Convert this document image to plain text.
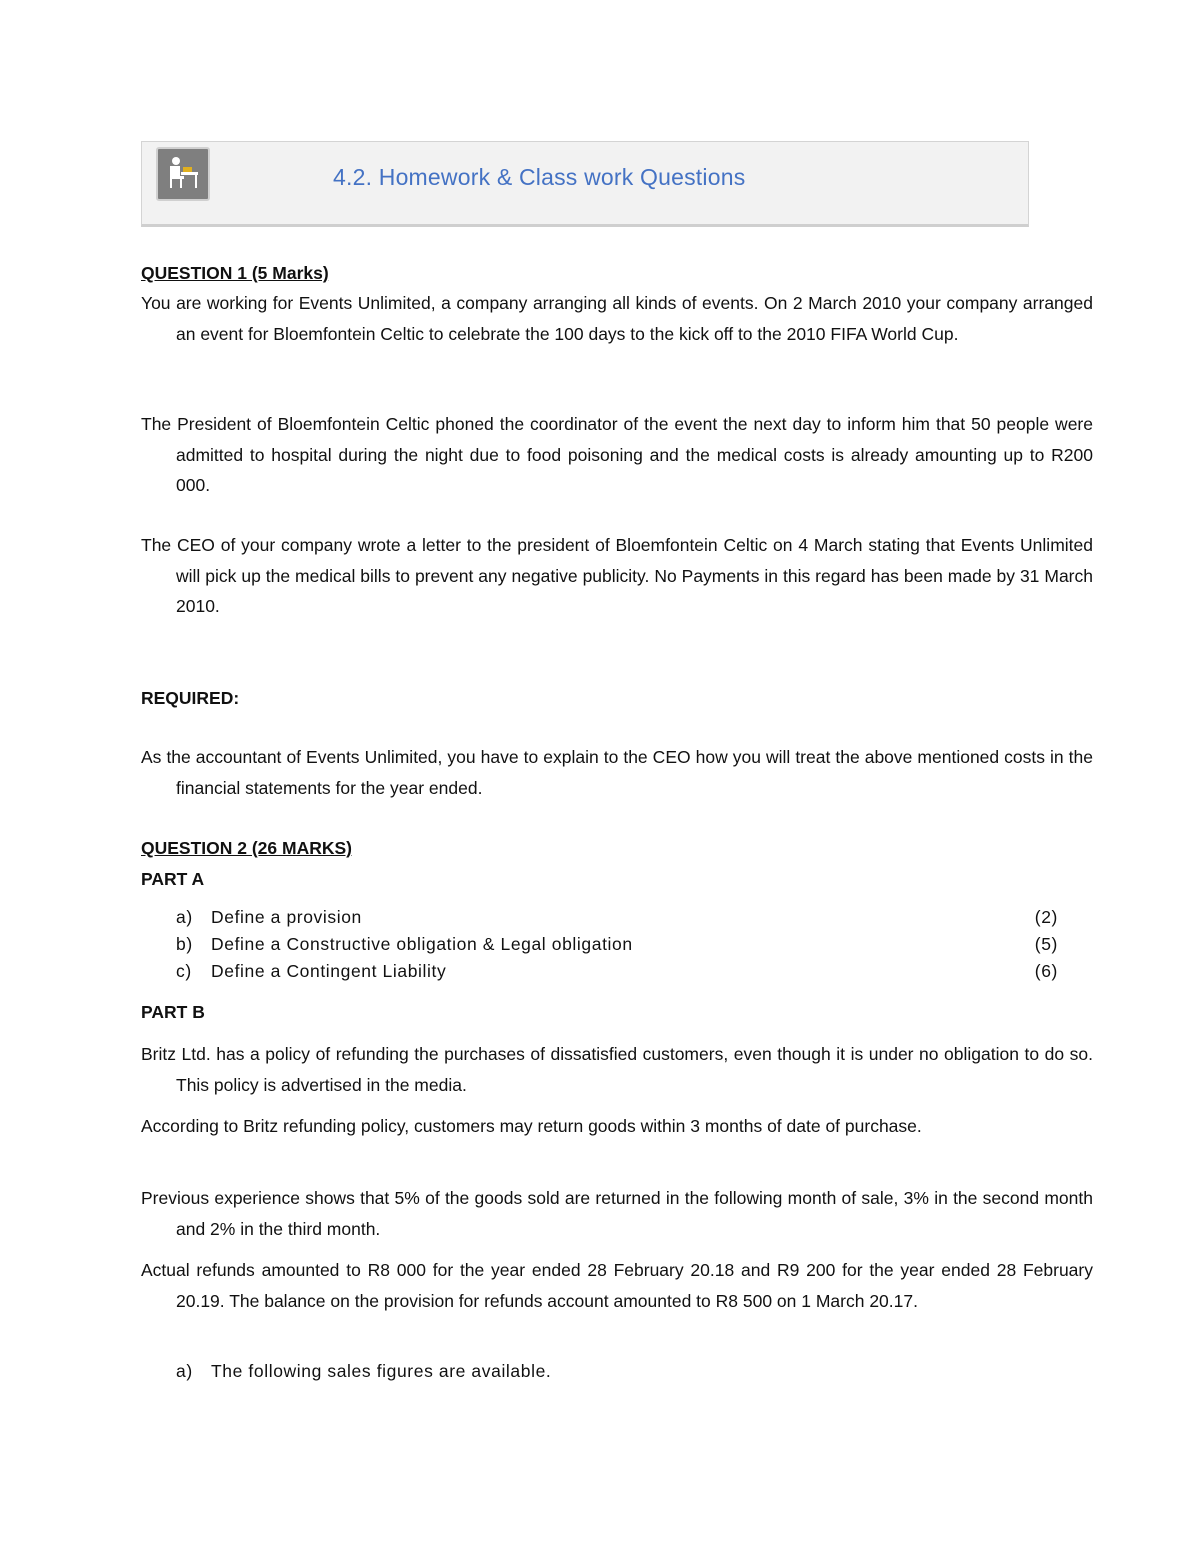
4.2. Homework & Class work Questions
QUESTION 1 (5 Marks)
You are working for Events Unlimited, a company arranging all kinds of events. On 2 March 2010 your company arranged an event for Bloemfontein Celtic to celebrate the 100 days to the kick off to the 2010 FIFA World Cup.
The President of Bloemfontein Celtic phoned the coordinator of the event the next day to inform him that 50 people were admitted to hospital during the night due to food poisoning and the medical costs is already amounting up to R200 000.
The CEO of your company wrote a letter to the president of Bloemfontein Celtic on 4 March stating that Events Unlimited will pick up the medical bills to prevent any negative publicity. No Payments in this regard has been made by 31 March 2010.
REQUIRED:
As the accountant of Events Unlimited, you have to explain to the CEO how you will treat the above mentioned costs in the financial statements for the year ended.
QUESTION 2 (26 MARKS)
PART A
a) Define a provision	(2)
b) Define a Constructive obligation & Legal obligation	(5)
c) Define a Contingent Liability	(6)
PART B
Britz Ltd. has a policy of refunding the purchases of dissatisfied customers, even though it is under no obligation to do so. This policy is advertised in the media.
According to Britz refunding policy, customers may return goods within 3 months of date of purchase.
Previous experience shows that 5% of the goods sold are returned in the following month of sale, 3% in the second month and 2% in the third month.
Actual refunds amounted to R8 000 for the year ended 28 February 20.18 and R9 200 for the year ended 28 February 20.19. The balance on the provision for refunds account amounted to R8 500 on 1 March 20.17.
a) The following sales figures are available.
